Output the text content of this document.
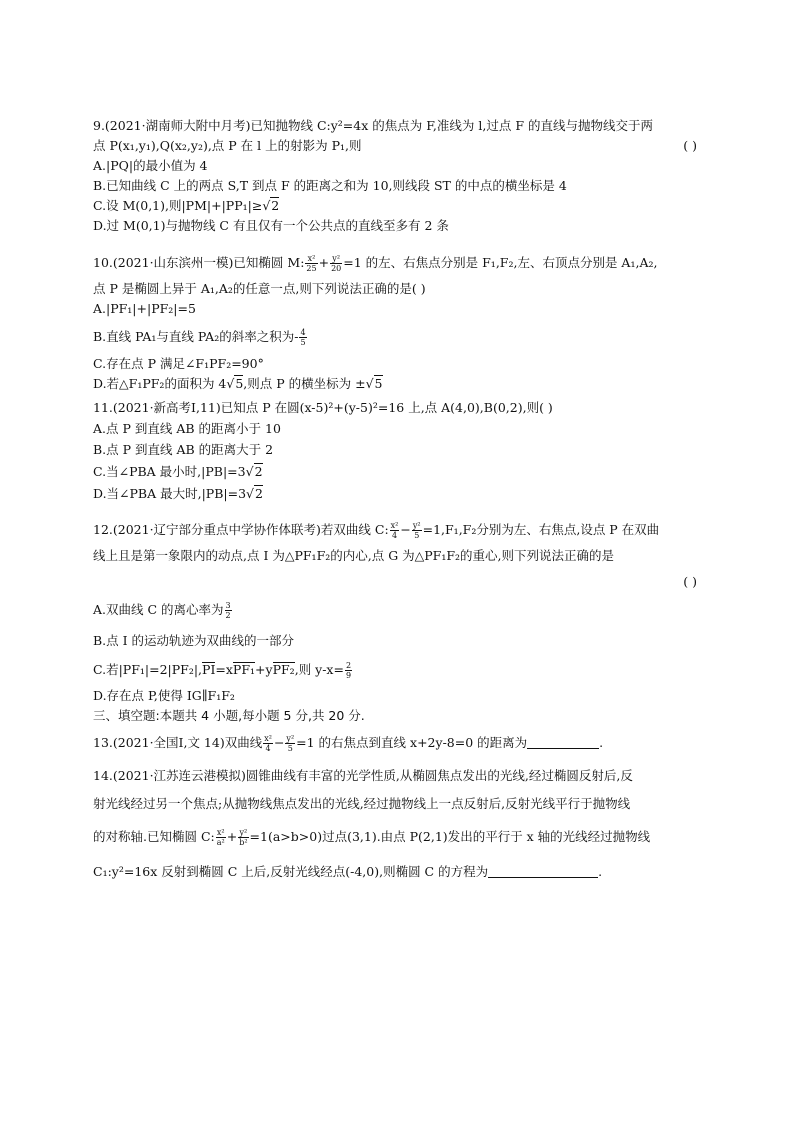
9.(2021·湖南师大附中月考)已知抛物线 C:y²=4x 的焦点为 F,准线为 l,过点 F 的直线与抛物线交于两
点 P(x₁,y₁),Q(x₂,y₂),点 P 在 l 上的射影为 P₁,则	( )
A.|PQ|的最小值为 4
B.已知曲线 C 上的两点 S,T 到点 F 的距离之和为 10,则线段 ST 的中点的横坐标是 4
C.设 M(0,1),则|PM|+|PP₁|≥√2
D.过 M(0,1)与抛物线 C 有且仅有一个公共点的直线至多有 2 条
10.(2021·山东滨州一模)已知椭圆 M: $\frac{\text{x²}}{25} + \frac{\text{y²}}{20} =1$ 的左、右焦点分别是 F₁,F₂,左、右顶点分别是 A₁,A₂,
点 P 是椭圆上异于 A₁,A₂的任意一点,则下列说法正确的是( )
A.|PF₁|+|PF₂|=5
B.直线 PA₁与直线 PA₂的斜率之积为- $\frac{4}{5}$
C.存在点 P 满足∠F₁PF₂=90°
D.若△F₁PF₂的面积为 4√5,则点 P 的横坐标为 ±√5
11.(2021·新高考Ⅰ,11)已知点 P 在圆(x-5)²+(y-5)²=16 上,点 A(4,0),B(0,2),则( )
A.点 P 到直线 AB 的距离小于 10
B.点 P 到直线 AB 的距离大于 2
C.当∠PBA 最小时,|PB|=3√2
D.当∠PBA 最大时,|PB|=3√2
12.(2021·辽宁部分重点中学协作体联考)若双曲线 C: $\frac{\text{x²}}{4} - \frac{\text{y²}}{5} =1,F_1,F_2$分别为左、右焦点,设点 P 在双曲
线上且是第一象限内的动点,点 I 为△PF₁F₂的内心,点 G 为△PF₁F₂的重心,则下列说法正确的是
( )
A.双曲线 C 的离心率为 $\frac{3}{2}$
B.点 I 的运动轨迹为双曲线的一部分
C.若|PF₁|=2|PF₂|,PI=xPF₁+yPF₂,则 $y-x= \frac{2}{9}$
D.存在点 P,使得 IG∥F₁F₂
三、填空题:本题共 4 小题,每小题 5 分,共 20 分.
13.(2021·全国Ⅰ,文 14)双曲线 $\frac{\text{x²}}{4} - \frac{\text{y²}}{5} =1$ 的右焦点到直线 x+2y-8=0 的距离为	.
14.(2021·江苏连云港模拟)圆锥曲线有丰富的光学性质,从椭圆焦点发出的光线,经过椭圆反射后,反
射光线经过另一个焦点;从抛物线焦点发出的光线,经过抛物线上一点反射后,反射光线平行于抛物线
的对称轴.已知椭圆 C: $\frac{\text{x²}}{\text{a²}} + \frac{\text{y²}}{\text{b²}} =1(a>b>0)$过点(3,1).由点 P(2,1)发出的平行于 x 轴的光线经过抛物线
C₁:y²=16x 反射到椭圆 C 上后,反射光线经点(-4,0),则椭圆 C 的方程为	.
